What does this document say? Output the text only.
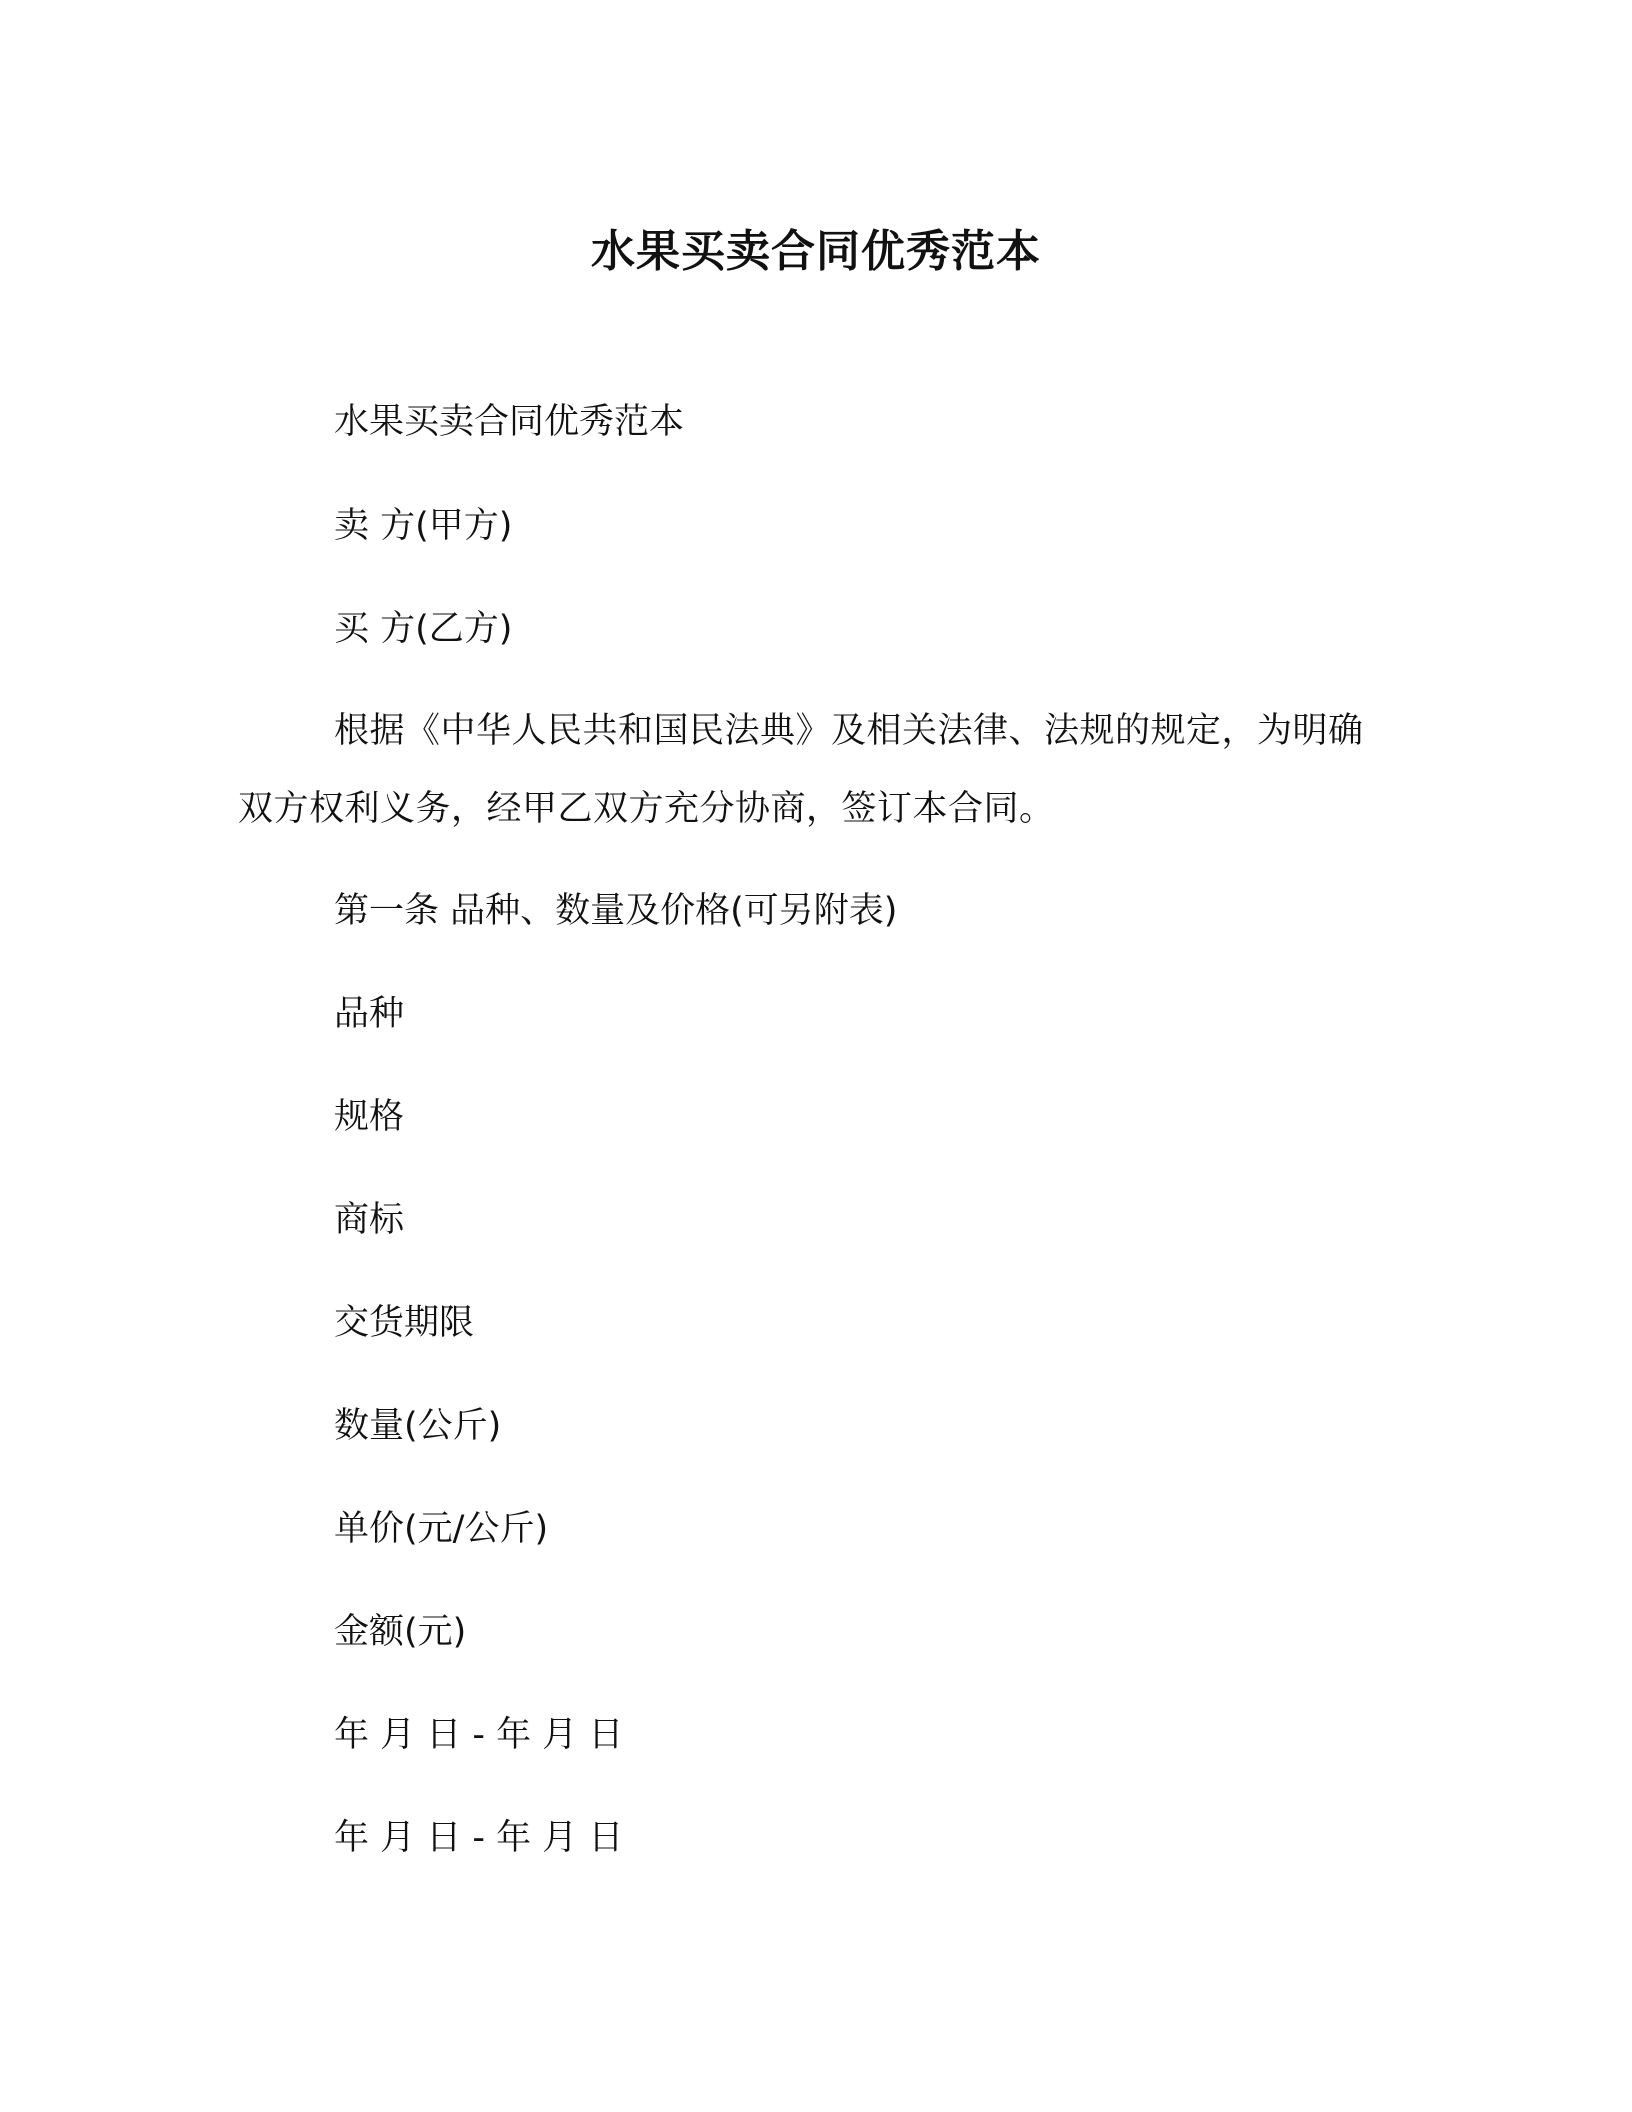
水果买卖合同优秀范本
水果买卖合同优秀范本
卖 方(甲方)
买 方(乙方)
根据《中华人民共和国民法典》及相关法律、法规的规定，为明确双方权利义务，经甲乙双方充分协商，签订本合同。
第一条 品种、数量及价格(可另附表)
品种
规格
商标
交货期限
数量(公斤)
单价(元/公斤)
金额(元)
年 月 日 - 年 月 日
年 月 日 - 年 月 日
